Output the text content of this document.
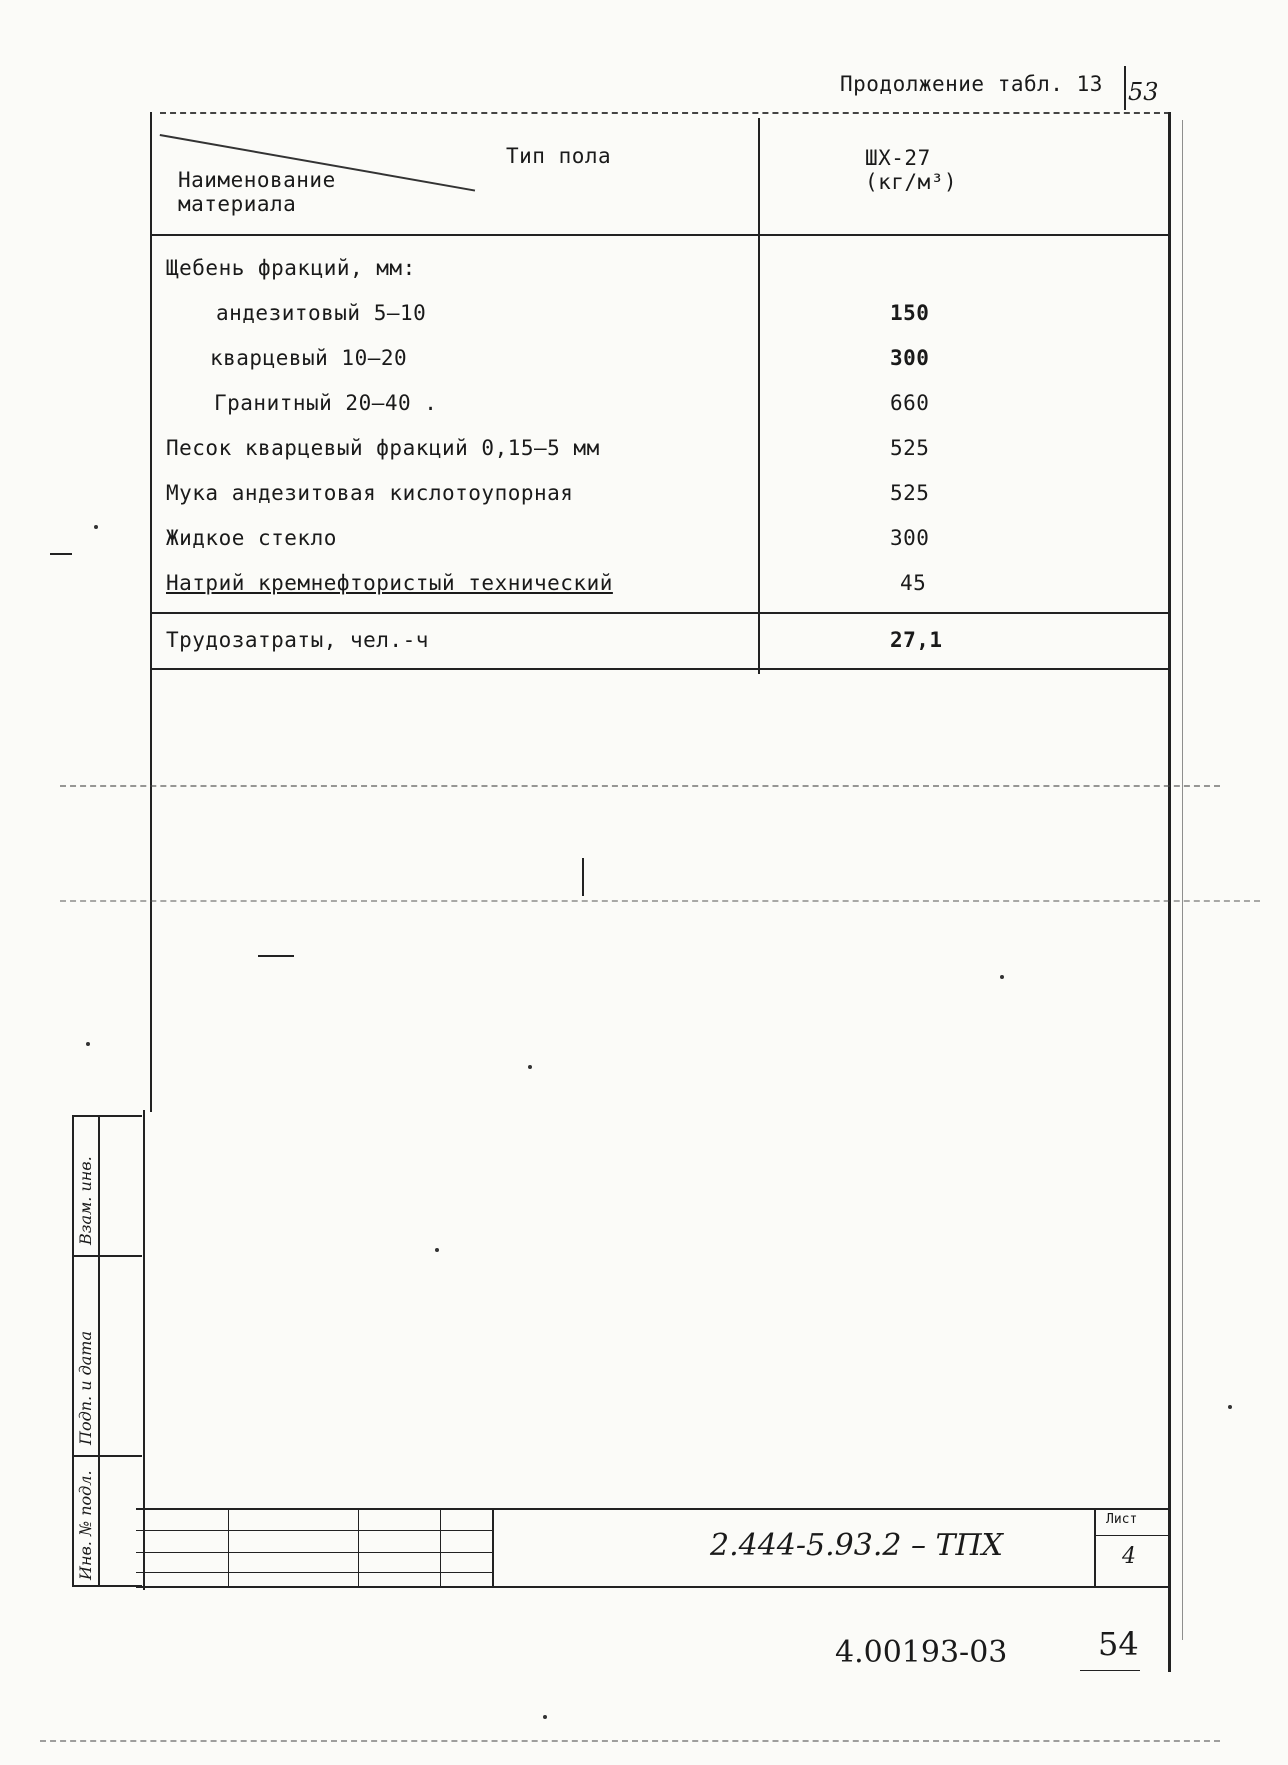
Продолжение табл. 13 53
Тип пола
Наименование материала
ШХ-27
(кг/м³)
Щебень фракций, мм:
андезитовый 5–10	150
кварцевый 10–20	300
Гранитный 20–40 .	660
Песок кварцевый фракций 0,15–5 мм	525
Мука андезитовая кислотоупорная	525
Жидкое стекло	300
Натрий кремнефтористый технический	45
Трудозатраты, чел.-ч	27,1
Инв. № подл.
Подп. и дата
Взам. инв.
2.444-5.93.2 – ТПХ
Лист
4
4.00193-03	54
